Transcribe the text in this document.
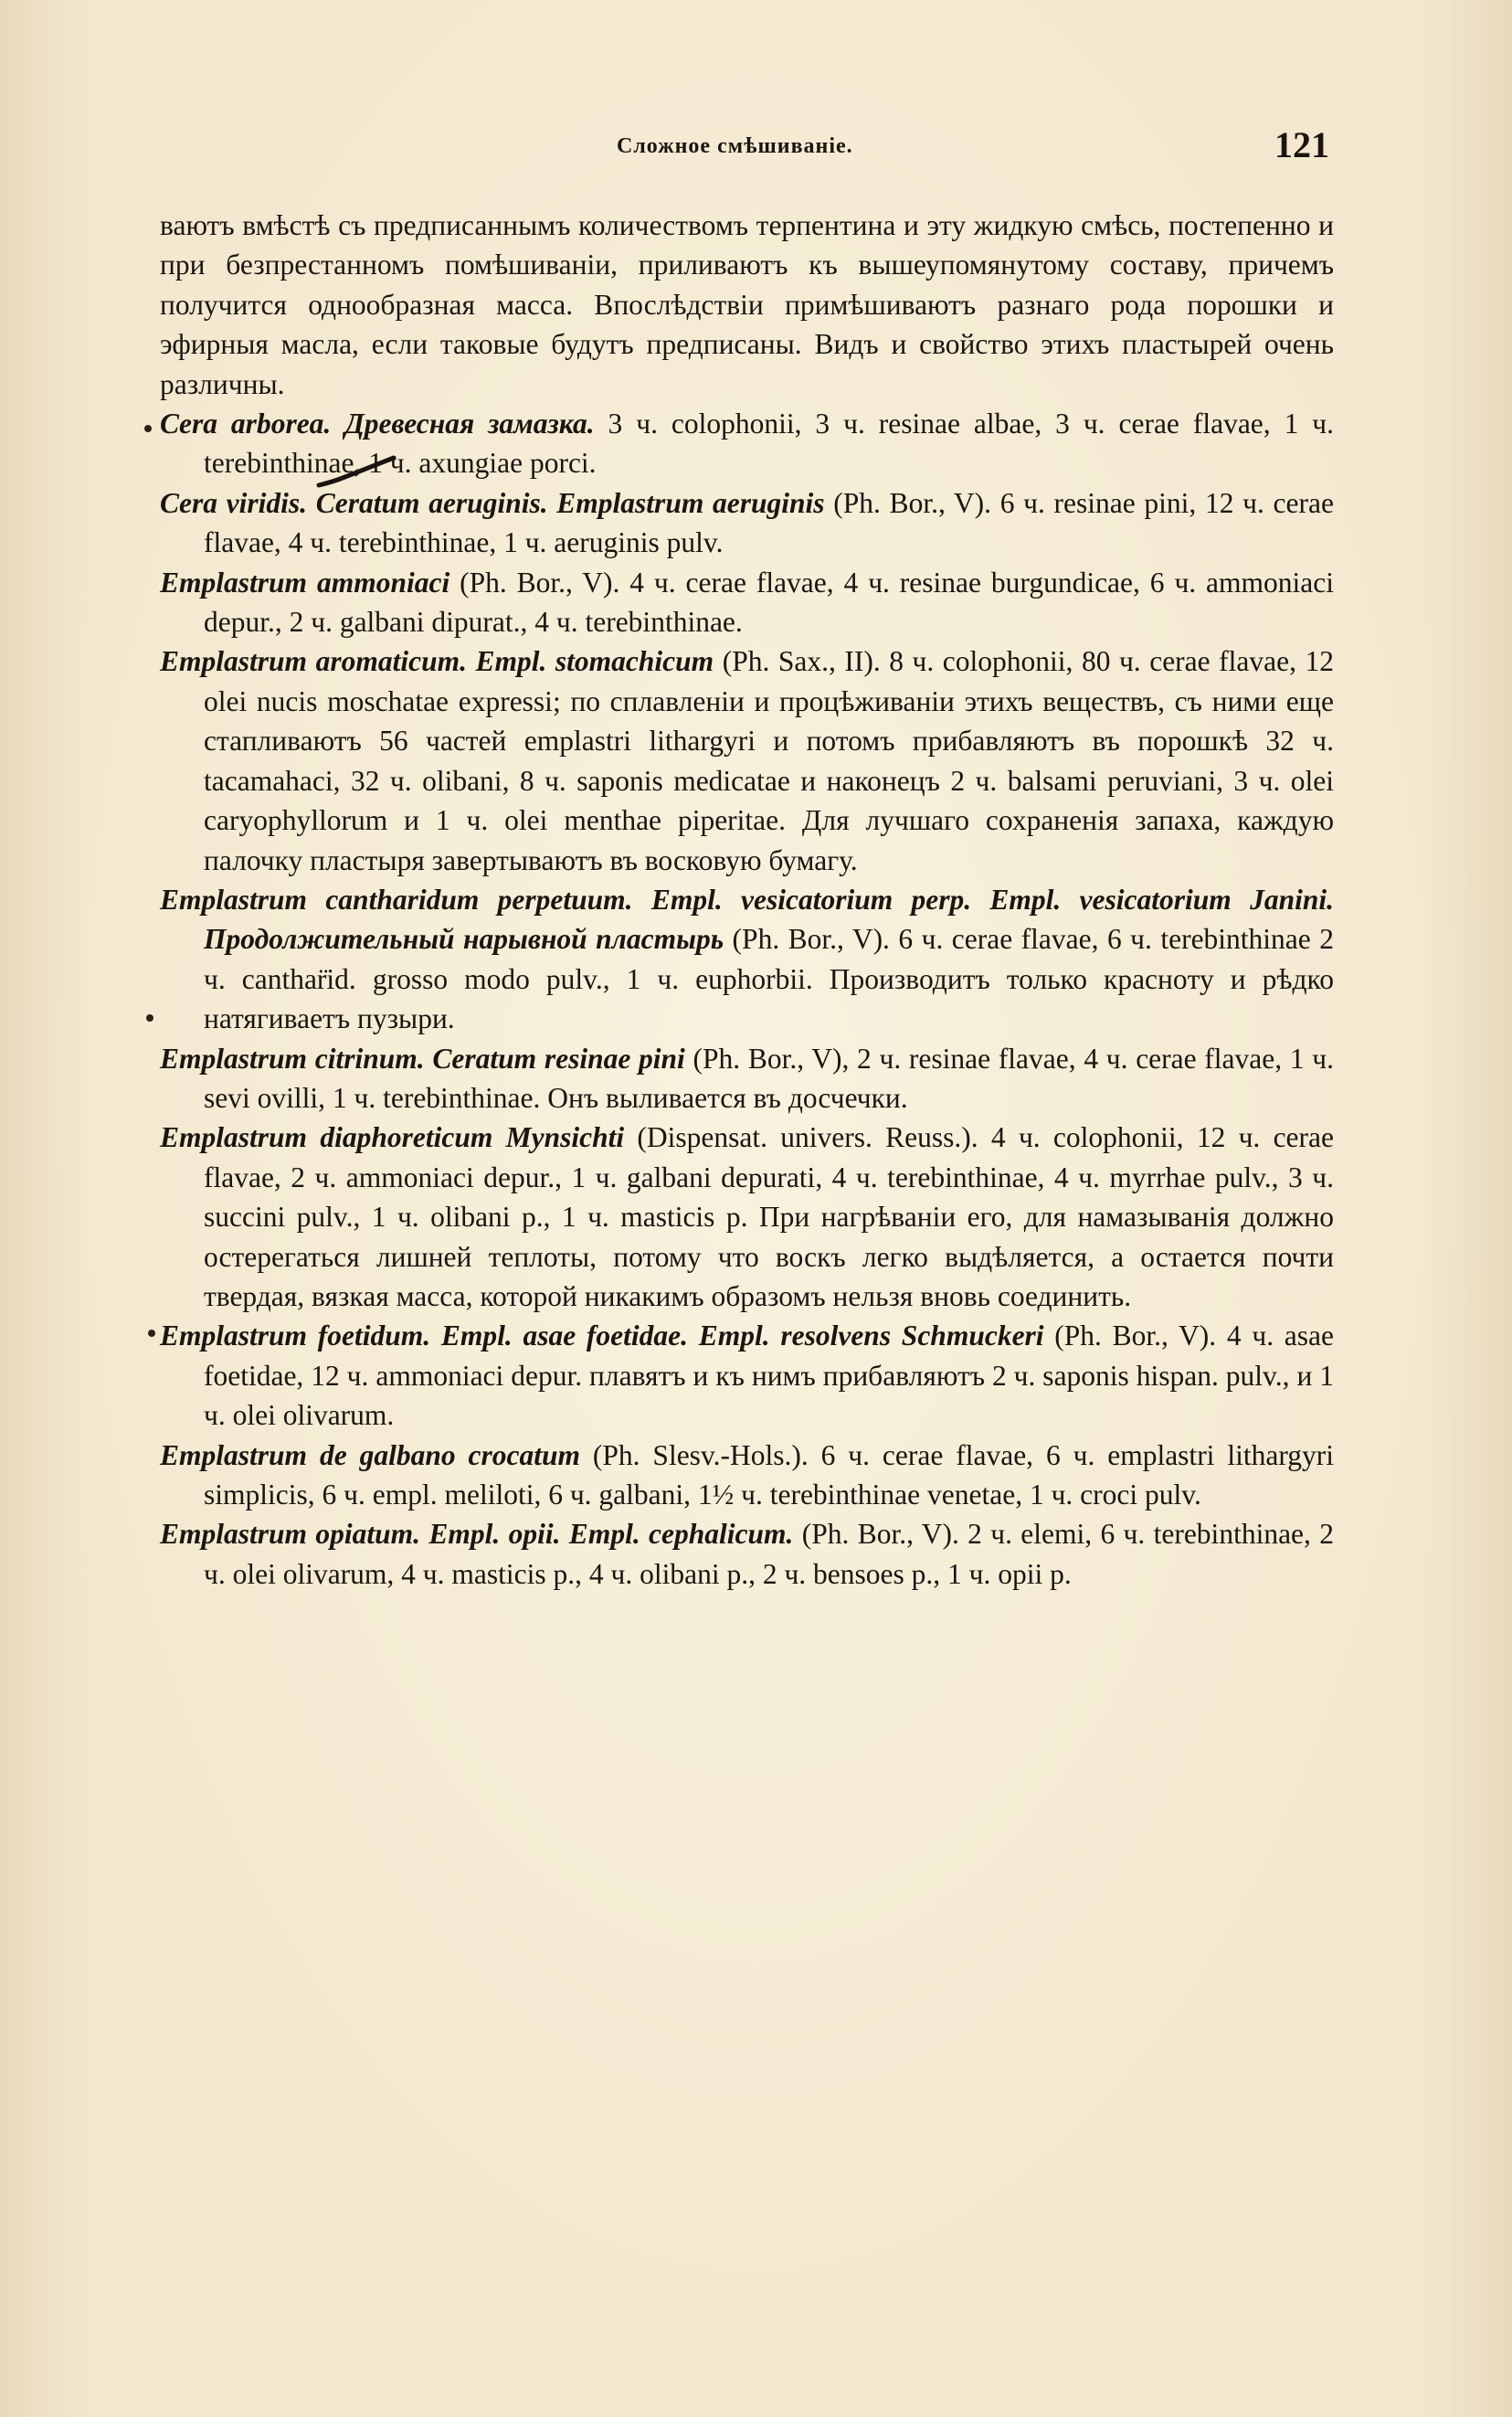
Сложное смѣшиваніе.	121

ваютъ вмѣстѣ съ предписаннымъ количествомъ терпентина и эту жидкую смѣсь, постепенно и при безпрестанномъ помѣшиваніи, приливаютъ къ вышеупомянутому составу, причемъ получится однообразная масса. Впослѣдствіи примѣшиваютъ разнаго рода порошки и эфирныя масла, если таковые будутъ предписаны. Видъ и свойство этихъ пластырей очень различны.

Cera arborea. Древесная замазка. 3 ч. colophonii, 3 ч. resinae albae, 3 ч. cerae flavae, 1 ч. terebinthinae, 1 ч. axungiae porci.

Cera viridis. Ceratum aeruginis. Emplastrum aeruginis (Ph. Bor., V). 6 ч. resinae pini, 12 ч. cerae flavae, 4 ч. terebinthinae, 1 ч. aeruginis pulv.

Emplastrum ammoniaci (Ph. Bor., V). 4 ч. cerae flavae, 4 ч. resinae burgundicae, 6 ч. ammoniaci depur., 2 ч. galbani dipurat., 4 ч. terebinthinae.

Emplastrum aromaticum. Empl. stomachicum (Ph. Sax., II). 8 ч. colophonii, 80 ч. cerae flavae, 12 olei nucis moschatae expressi; по сплавленіи и процѣживаніи этихъ веществъ, съ ними еще стапливаютъ 56 частей emplastri lithargyri и потомъ прибавляютъ въ порошкѣ 32 ч. tacamahaci, 32 ч. olibani, 8 ч. saponis medicatae и наконецъ 2 ч. balsami peruviani, 3 ч. olei caryophyllorum и 1 ч. olei menthae piperitae. Для лучшаго сохраненія запаха, каждую палочку пластыря завертываютъ въ восковую бумагу.

Emplastrum cantharidum perpetuum. Empl. vesicatorium perp. Empl. vesicatorium Janini. Продолжительный нарывной пластырь (Ph. Bor., V). 6 ч. cerae flavae, 6 ч. terebinthinae 2 ч. canthar̈id. grosso modo pulv., 1 ч. euphorbii. Производитъ только краснoту и рѣдко натягиваетъ пузыри.

Emplastrum citrinum. Ceratum resinae pini (Ph. Bor., V), 2 ч. resinae flavae, 4 ч. cerae flavae, 1 ч. sevi ovilli, 1 ч. terebinthinae. Онъ выливается въ досчечки.

Emplastrum diaphoreticum Mynsichti (Dispensat. univers. Reuss.). 4 ч. colophonii, 12 ч. cerae flavae, 2 ч. ammoniaci depur., 1 ч. galbani depurati, 4 ч. terebinthinae, 4 ч. myrrhae pulv., 3 ч. succini pulv., 1 ч. olibani p., 1 ч. masticis p. При нагрѣваніи его, для намазыванія должно остерегаться лишней теплоты, потому что воскъ легко выдѣляется, а остается почти твердая, вязкая масса, которой никакимъ образомъ нельзя вновь соединить.

Emplastrum foetidum. Empl. asae foetidae. Empl. resolvens Schmuckeri (Ph. Bor., V). 4 ч. asae foetidae, 12 ч. ammoniaci depur. плавятъ и къ нимъ прибавляютъ 2 ч. saponis hispan. pulv., и 1 ч. olei olivarum.

Emplastrum de galbano crocatum (Ph. Slesv.-Hols.). 6 ч. cerae flavae, 6 ч. emplastri lithargyri simplicis, 6 ч. empl. meliloti, 6 ч. galbani, 1½ ч. terebinthinae venetae, 1 ч. croci pulv.

Emplastrum opiatum. Empl. opii. Empl. cephalicum. (Ph. Bor., V). 2 ч. elemi, 6 ч. terebinthinae, 2 ч. olei olivarum, 4 ч. masticis p., 4 ч. olibani p., 2 ч. bensoes p., 1 ч. opii p.
